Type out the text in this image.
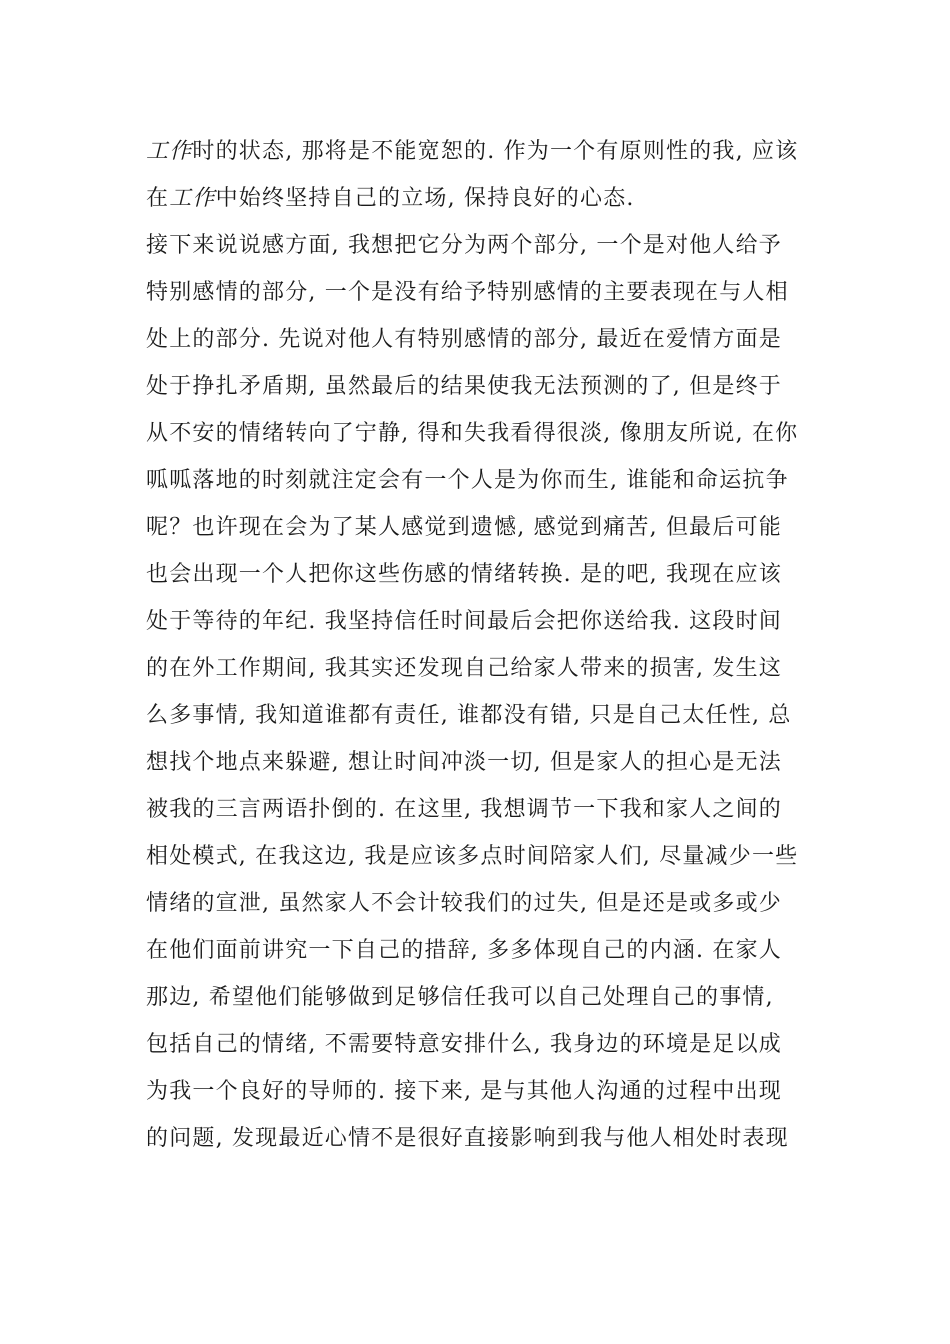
工作时的状态, 那将是不能宽恕的. 作为一个有原则性的我, 应该
在工作中始终坚持自己的立场, 保持良好的心态.
接下来说说感方面, 我想把它分为两个部分, 一个是对他人给予
特别感情的部分, 一个是没有给予特别感情的主要表现在与人相
处上的部分. 先说对他人有特别感情的部分, 最近在爱情方面是
处于挣扎矛盾期, 虽然最后的结果使我无法预测的了, 但是终于
从不安的情绪转向了宁静, 得和失我看得很淡, 像朋友所说, 在你
呱呱落地的时刻就注定会有一个人是为你而生, 谁能和命运抗争
呢？也许现在会为了某人感觉到遗憾, 感觉到痛苦, 但最后可能
也会出现一个人把你这些伤感的情绪转换. 是的吧, 我现在应该
处于等待的年纪. 我坚持信任时间最后会把你送给我. 这段时间
的在外工作期间, 我其实还发现自己给家人带来的损害, 发生这
么多事情, 我知道谁都有责任, 谁都没有错, 只是自己太任性, 总
想找个地点来躲避, 想让时间冲淡一切, 但是家人的担心是无法
被我的三言两语扑倒的. 在这里, 我想调节一下我和家人之间的
相处模式, 在我这边, 我是应该多点时间陪家人们, 尽量减少一些
情绪的宣泄, 虽然家人不会计较我们的过失, 但是还是或多或少
在他们面前讲究一下自己的措辞, 多多体现自己的内涵. 在家人
那边, 希望他们能够做到足够信任我可以自己处理自己的事情,
包括自己的情绪, 不需要特意安排什么, 我身边的环境是足以成
为我一个良好的导师的. 接下来, 是与其他人沟通的过程中出现
的问题, 发现最近心情不是很好直接影响到我与他人相处时表现
